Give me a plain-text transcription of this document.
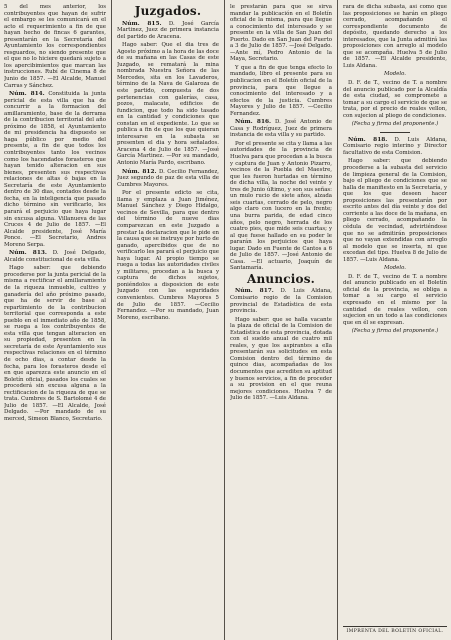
5 del mes anterior, los contribuyentes que hayan de sufrir el embargo se les comunicará en el acto el requerimiento a fin de que hayan hecho de fincas 6 garantes, presentarán en la Secretaría del Ayuntamiento los correspondientes resguardos, no siendo presente que el que no lo hiciere quedará sujeto a los apercibimientos que marcan las instrucciones. Rubí de Cinema 8 de Junio de 1857. —El Alcalde, Manuel Carras y Sánchez.

Núm. 814. Constituida la junta pericial de esta villa que ha de concurrir a la formacion del amillaramiento, base de la derrama de la contribucion territorial del año próximo de 1858, el Ayuntamiento de mi presidencia ha dispuesto se haga público por medio del presente, a fin de que todos los contribuyentes tanto los vecinos como los hacendados forasteros que hayan tenido alteracion en sus bienes, presenten sus respectivas relaciones de altas ó bajas en la Secretaría de este Ayuntamiento dentro de 30 dias, contados desde la fecha, en la inteligencia que pasado dicho término sin verificarlo, les parará el perjuicio que haya lugar sin excusa alguna. Villanueva de las Cruces 4 de Julio de 1857. —El Alcalde presidente, José María Ponce. —El Secretario, Andres Moreno Serpa.

Núm. 813. D. José Delgado, Alcalde constitucional de esta villa.

Hago saber: que debiendo procederse por la junta pericial de la misma a rectificar el amillaramiento de la riqueza inmueble, cultivo y ganadería del año próximo pasado, que ha de servir de base al repartimiento de la contribucion territorial que corresponda a este pueblo en el inmediato año de 1858, se ruega a los contribuyentes de esta villa que tengan alteracion en su propiedad, presenten en la secretaría de este Ayuntamiento sus respectivas relaciones en el término de ocho dias, a contar desde la fecha, para los forasteros desde el en que aparezca este anuncio en el Boletín oficial, pasados los cuales se procederá sin excusa alguna a la rectificacion de la riqueza de que se trata. Cumbres de S. Bartolomé 4 de Julio de 1857. —El Alcalde, José Delgado. —Por mandado de su merced, Simeon Blanco, Secretario.

Juzgados.

Núm. 815. D. José García Martinez, Juez de primera instancia del partido de Aracena.

Hago saber: Que el dia tres de Agosto próximo a la hora de las doce de su mañana en las Casas de este Juzgado, se rematará la mina nombrada Nuestra Señora de las Mercedes, sita en los Lavaderos, término de la Nava de Galaroza de este partido, compuesta de dos pertenencias con galerías, casa, pozos, malacate, edificios de fundicion, que todo ha sido tasado en la cantidad y condiciones que constan en el expediente. Lo que se publica a fin de que los que quieran interesarse en la subasta se presenten el dia y hora señalados. Aracena 4 de Julio de 1857. —José García Martinez. —Por su mandado, Antonio María Pardo, escribano.

Núm. 812. D. Cecilio Fernandez, Juez segundo de paz de esta villa de Cumbres Mayores.

Por el presente edicto se cita, llama y emplaza a Juan Jiménez, Manuel Sánchez y Diego Hidalgo, vecinos de Sevilla, para que dentro del término de nueve dias comparezcan en este Juzgado a prestar la declaracion que le pide en la causa que se instruye por hurto de ganado, apercibidos que de no verificarlo les parará el perjuicio que haya lugar. Al propio tiempo se ruega a todas las autoridades civiles y militares, procedan a la busca y captura de dichos sujetos, poniéndolos a disposicion de este Juzgado con las seguridades convenientes. Cumbres Mayores 5 de Julio de 1857. —Cecilio Fernandez. —Por su mandado, Juan Moreno, escribano.

le prestarán para que se sirva mandar la publicación en el Boletín oficial de la misma, para que llegue a conocimiento del interesado y se presente en la villa de San Juan del Puerto. Dado en San Juan del Puerto a 3 de Julio de 1857. —José Delgado. —Ante mí, Pedro Antonio de la Maya, Secretario.

Y que a fin de que tenga efecto lo mandado, libro el presente para su publicacion en el Boletín oficial de la provincia, para que llegue a conocimiento del interesado y a efectos de la justicia. Cumbres Mayores y Julio de 1857. —Cecilio Fernandez.

Núm. 816. D. José Antonio de Casa y Rodríguez, Juez de primera instancia de esta villa y su partido.

Por el presente se cita y llama a las autoridades de la provincia de Huelva para que procedan a la busca y captura de Juan y Antonio Pizarro, vecinos de la Puebla del Maestre, que les fueron hurtadas en término de dicha villa, la noche del veinte y tres de Junio último, y son sus señas: un mulo rucio de siete años, alzada seis cuartas, cerrado de pelo, negro algo claro con lucero en la frente; una burra parida, de edad cinco años, pelo negro, herrada de los cuatro pies, que mide seis cuartas; y al que fuese hallado en su poder le pararán los perjuicios que haya lugar. Dado en Fuente de Cantos a 6 de Julio de 1857. —José Antonio de Casa. —El actuario, Joaquín de Santamaría.

Anuncios.

Núm. 817. D. Luis Aldana, Comisario regio de la Comision provincial de Estadística de esta provincia.

Hago saber: que se halla vacante la plaza de oficial de la Comision de Estadística de esta provincia, dotada con el sueldo anual de cuatro mil reales, y que los aspirantes a ella presentarán sus solicitudes en esta Comision dentro del término de quince dias, acompañadas de los documentos que acrediten su aptitud y buenos servicios, a fin de proceder a su provision en el que reuna mejores condiciones. Huelva 7 de Julio de 1857. —Luis Aldana.

rara de dicha subasta, así como que las proposiciones se harán en pliego cerrado, acompañando el correspondiente documento de depósito, quedando derecho a los interesados, que la Junta admitirá las proposiciones con arreglo al modelo que se acompaña. Huelva 5 de Julio de 1857. —El Alcalde presidente, Luis Aldana.

Modelo.

D. F. de T., vecino de T. a nombre del anuncio publicado por la Alcaldía de esta ciudad, se compromete a tomar a su cargo el servicio de que se trata, por el precio de reales vellon, con sujecion al pliego de condiciones.

(Fecha y firma del proponente.)

Núm. 818. D. Luis Aldana, Comisario regio interino y Director facultativo de esta Comision.

Hago saber: que debiendo procederse a la subasta del servicio de limpieza general de la Comision, bajo el pliego de condiciones que se halla de manifiesto en la Secretaría, y que los que deseen hacer proposiciones las presentarán por escrito antes del día veinte y dos del corriente a las doce de la mañana, en pliego cerrado, acompañando la cédula de vecindad, advirtiéndose que no se admitirán proposiciones que no vayan extendidas con arreglo al modelo que se inserta, ni que excedan del tipo. Huelva 8 de Julio de 1857. —Luis Aldana.

Modelo.

D. F. de T., vecino de T. a nombre del anuncio publicado en el Boletín oficial de la provincia, se obliga a tomar a su cargo el servicio expresado en el mismo por la cantidad de reales vellon, con sujecion en un todo a las condiciones que en él se expresan.

(Fecha y firma del proponente.)

IMPRENTA DEL BOLETÍN OFICIAL.
